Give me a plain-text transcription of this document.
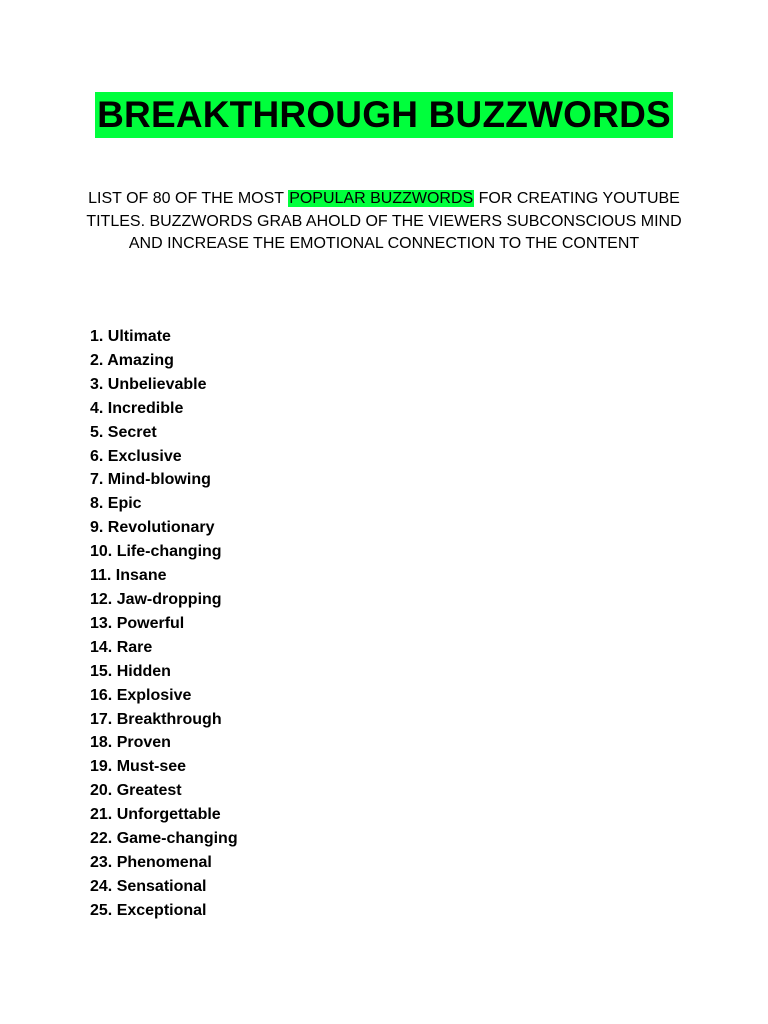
BREAKTHROUGH BUZZWORDS

LIST OF 80 OF THE MOST POPULAR BUZZWORDS FOR CREATING YOUTUBE TITLES. BUZZWORDS GRAB AHOLD OF THE VIEWERS SUBCONSCIOUS MIND AND INCREASE THE EMOTIONAL CONNECTION TO THE CONTENT

1. Ultimate
2. Amazing
3. Unbelievable
4. Incredible
5. Secret
6. Exclusive
7. Mind-blowing
8. Epic
9. Revolutionary
10. Life-changing
11. Insane
12. Jaw-dropping
13. Powerful
14. Rare
15. Hidden
16. Explosive
17. Breakthrough
18. Proven
19. Must-see
20. Greatest
21. Unforgettable
22. Game-changing
23. Phenomenal
24. Sensational
25. Exceptional
